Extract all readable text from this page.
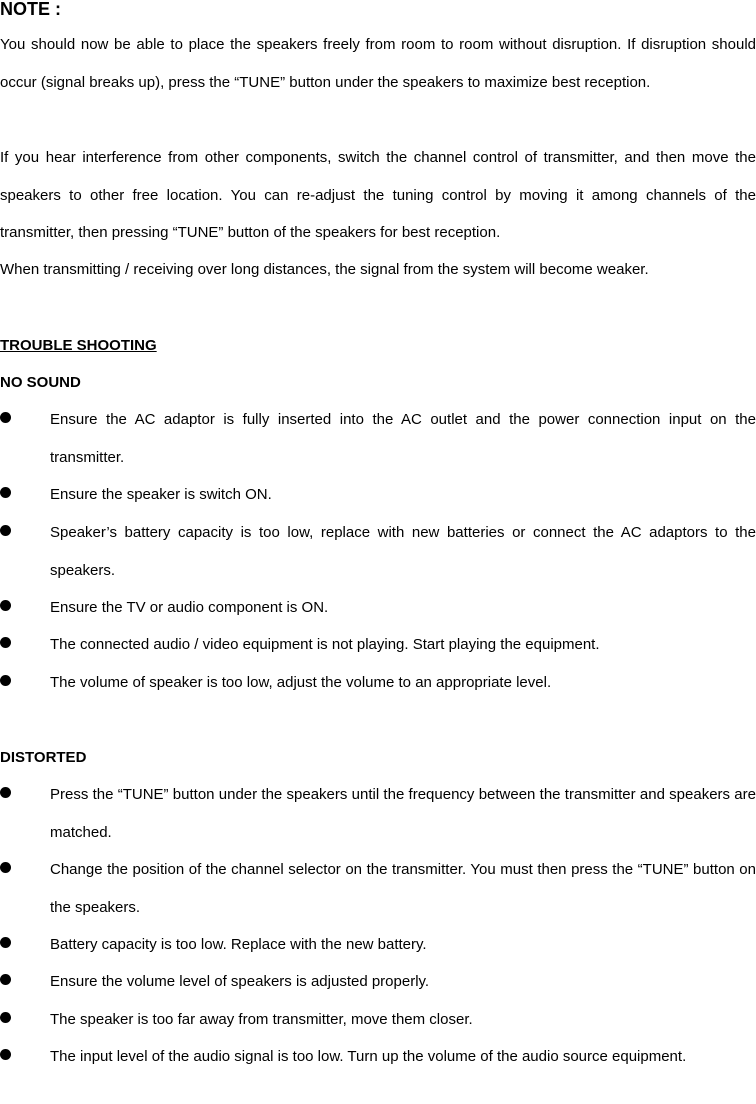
NOTE :
You should now be able to place the speakers freely from room to room without disruption. If disruption should occur (signal breaks up), press the “TUNE” button under the speakers to maximize best reception.
If you hear interference from other components, switch the channel control of transmitter, and then move the speakers to other free location. You can re-adjust the tuning control by moving it among channels of the transmitter, then pressing “TUNE” button of the speakers for best reception.
When transmitting / receiving over long distances, the signal from the system will become weaker.
TROUBLE SHOOTING
NO SOUND
Ensure the AC adaptor is fully inserted into the AC outlet and the power connection input on the transmitter.
Ensure the speaker is switch ON.
Speaker’s battery capacity is too low, replace with new batteries or connect the AC adaptors to the speakers.
Ensure the TV or audio component is ON.
The connected audio / video equipment is not playing. Start playing the equipment.
The volume of speaker is too low, adjust the volume to an appropriate level.
DISTORTED
Press the “TUNE” button under the speakers until the frequency between the transmitter and speakers are matched.
Change the position of the channel selector on the transmitter. You must then press the “TUNE” button on the speakers.
Battery capacity is too low. Replace with the new battery.
Ensure the volume level of speakers is adjusted properly.
The speaker is too far away from transmitter, move them closer.
The input level of the audio signal is too low. Turn up the volume of the audio source equipment.
